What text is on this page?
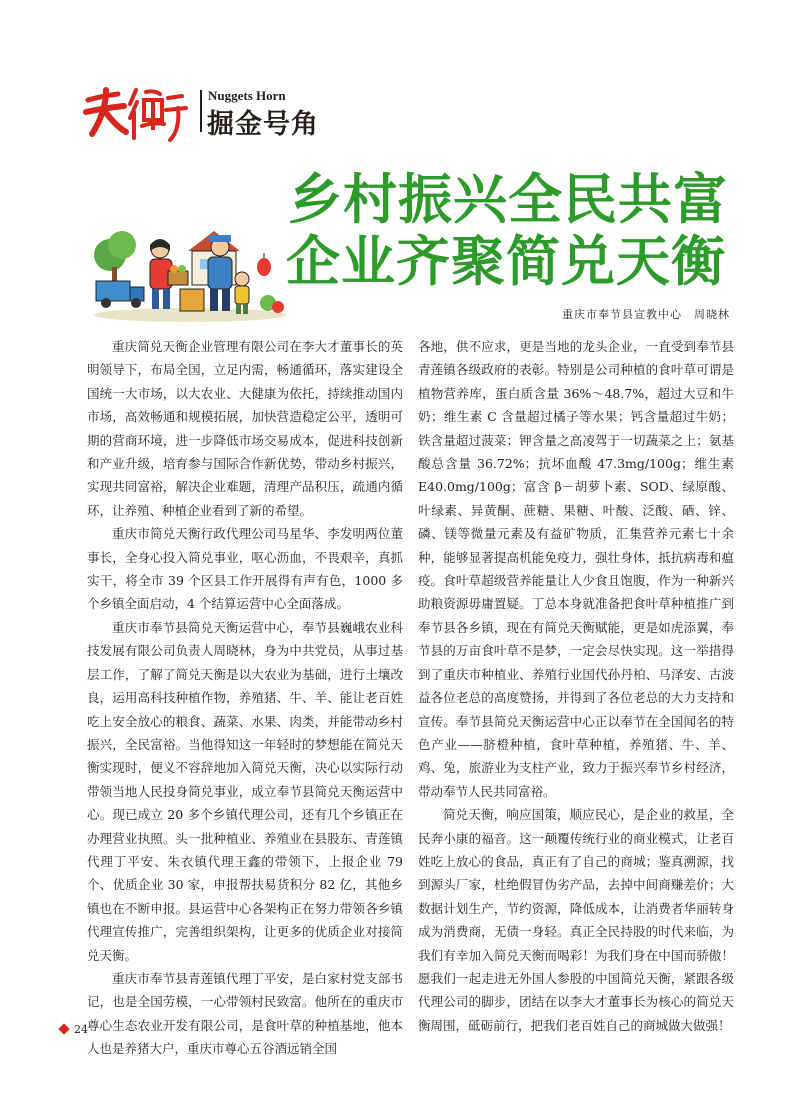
Nuggets Horn
掘金号角
乡村振兴全民共富
企业齐聚简兑天衡
重庆市奉节县宣教中心　周晓林

重庆简兑天衡企业管理有限公司在李大才董事长的英明领导下，布局全国，立足内需，畅通循环，落实建设全国统一大市场，以大农业、大健康为依托，持续推动国内市场，高效畅通和规模拓展，加快营造稳定公平，透明可期的营商环境，进一步降低市场交易成本，促进科技创新和产业升级，培育参与国际合作新优势，带动乡村振兴，实现共同富裕，解决企业难题，清理产品积压，疏通内循环，让养殖、种植企业看到了新的希望。

重庆市简兑天衡行政代理公司马星华、李发明两位董事长，全身心投入简兑事业，呕心沥血，不畏艰辛，真抓实干，将全市 39 个区县工作开展得有声有色，1000 多个乡镇全面启动，4 个结算运营中心全面落成。

重庆市奉节县简兑天衡运营中心，奉节县巍峨农业科技发展有限公司负责人周晓林，身为中共党员，从事过基层工作，了解了简兑天衡是以大农业为基础，进行土壤改良，运用高科技种植作物，养殖猪、牛、羊、能让老百姓吃上安全放心的粮食、蔬菜、水果、肉类，并能带动乡村振兴，全民富裕。当他得知这一年轻时的梦想能在简兑天衡实现时，便义不容辞地加入简兑天衡，决心以实际行动带领当地人民投身简兑事业，成立奉节县简兑天衡运营中心。现已成立 20 多个乡镇代理公司，还有几个乡镇正在办理营业执照。头一批种植业、养殖业在县股东、青莲镇代理丁平安、朱衣镇代理王鑫的带领下，上报企业 79 个、优质企业 30 家，申报帮扶易货积分 82 亿，其他乡镇也在不断申报。县运营中心各架构正在努力带领各乡镇代理宣传推广，完善组织架构，让更多的优质企业对接简兑天衡。

重庆市奉节县青莲镇代理丁平安，是白家村党支部书记，也是全国劳模，一心带领村民致富。他所在的重庆市尊心生态农业开发有限公司，是食叶草的种植基地，他本人也是养猪大户，重庆市尊心五谷酒远销全国

各地，供不应求，更是当地的龙头企业，一直受到奉节县青莲镇各级政府的表彰。特别是公司种植的食叶草可谓是植物营养库，蛋白质含量 36%～48.7%，超过大豆和牛奶；维生素 C 含量超过橘子等水果；钙含量超过牛奶；铁含量超过菠菜；钾含量之高凌驾于一切蔬菜之上；氨基酸总含量 36.72%；抗坏血酸 47.3mg/100g；维生素 E40.0mg/100g；富含 β－胡萝卜素、SOD、绿原酸、叶绿素、异黄酮、蔗糖、果糖、叶酸、泛酸、硒、锌、磷、镁等微量元素及有益矿物质，汇集营养元素七十余种，能够显著提高机能免疫力，强壮身体，抵抗病毒和瘟疫。食叶草超级营养能量让人少食且饱腹，作为一种新兴助粮资源毋庸置疑。丁总本身就准备把食叶草种植推广到奉节县各乡镇，现在有简兑天衡赋能，更是如虎添翼，奉节县的万亩食叶草不是梦，一定会尽快实现。这一举措得到了重庆市种植业、养殖行业国代孙丹柏、马泽安、古波益各位老总的高度赞扬，并得到了各位老总的大力支持和宣传。奉节县简兑天衡运营中心正以奉节在全国闻名的特色产业——脐橙种植，食叶草种植，养殖猪、牛、羊、鸡、兔，旅游业为支柱产业，致力于振兴奉节乡村经济，带动奉节人民共同富裕。

简兑天衡，响应国策，顺应民心，是企业的救星，全民奔小康的福音。这一颠覆传统行业的商业模式，让老百姓吃上放心的食品，真正有了自己的商城；鉴真溯源，找到源头厂家，杜绝假冒伪劣产品，去掉中间商赚差价；大数据计划生产，节约资源，降低成本，让消费者华丽转身成为消费商，无债一身轻。真正全民持股的时代来临，为我们有幸加入简兑天衡而喝彩！为我们身在中国而骄傲！愿我们一起走进无外国人参股的中国简兑天衡，紧跟各级代理公司的脚步，团结在以李大才董事长为核心的简兑天衡周围，砥砺前行，把我们老百姓自己的商城做大做强！

24
